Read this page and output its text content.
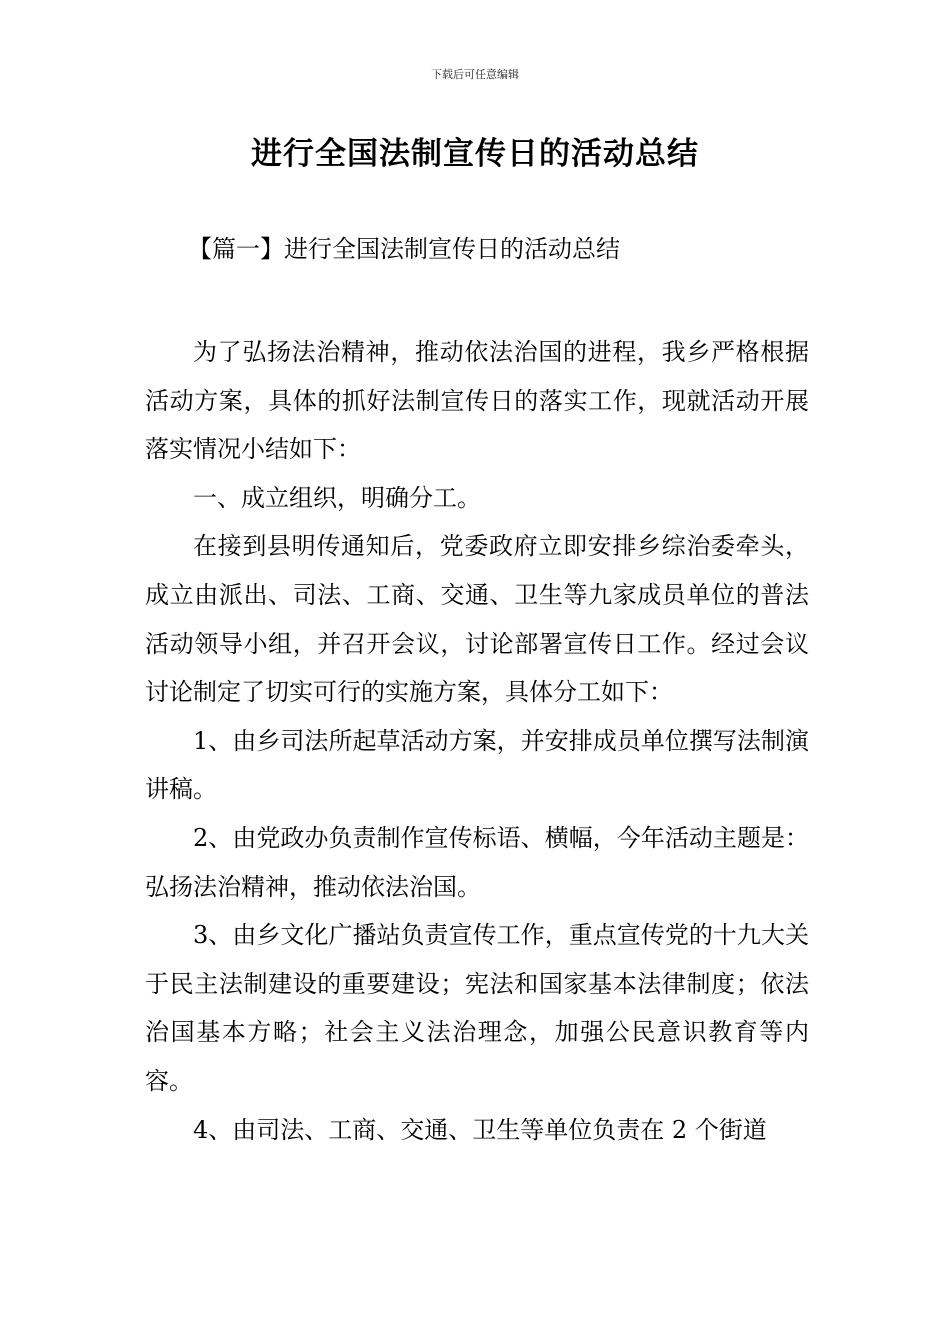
下载后可任意编辑
进行全国法制宣传日的活动总结
【篇一】进行全国法制宣传日的活动总结

为了弘扬法治精神，推动依法治国的进程，我乡严格根据活动方案，具体的抓好法制宣传日的落实工作，现就活动开展落实情况小结如下：

一、成立组织，明确分工。

在接到县明传通知后，党委政府立即安排乡综治委牵头，成立由派出、司法、工商、交通、卫生等九家成员单位的普法活动领导小组，并召开会议，讨论部署宣传日工作。经过会议讨论制定了切实可行的实施方案，具体分工如下：

1、由乡司法所起草活动方案，并安排成员单位撰写法制演讲稿。

2、由党政办负责制作宣传标语、横幅，今年活动主题是：弘扬法治精神，推动依法治国。

3、由乡文化广播站负责宣传工作，重点宣传党的十九大关于民主法制建设的重要建设；宪法和国家基本法律制度；依法治国基本方略；社会主义法治理念，加强公民意识教育等内容。

4、由司法、工商、交通、卫生等单位负责在 2 个街道
